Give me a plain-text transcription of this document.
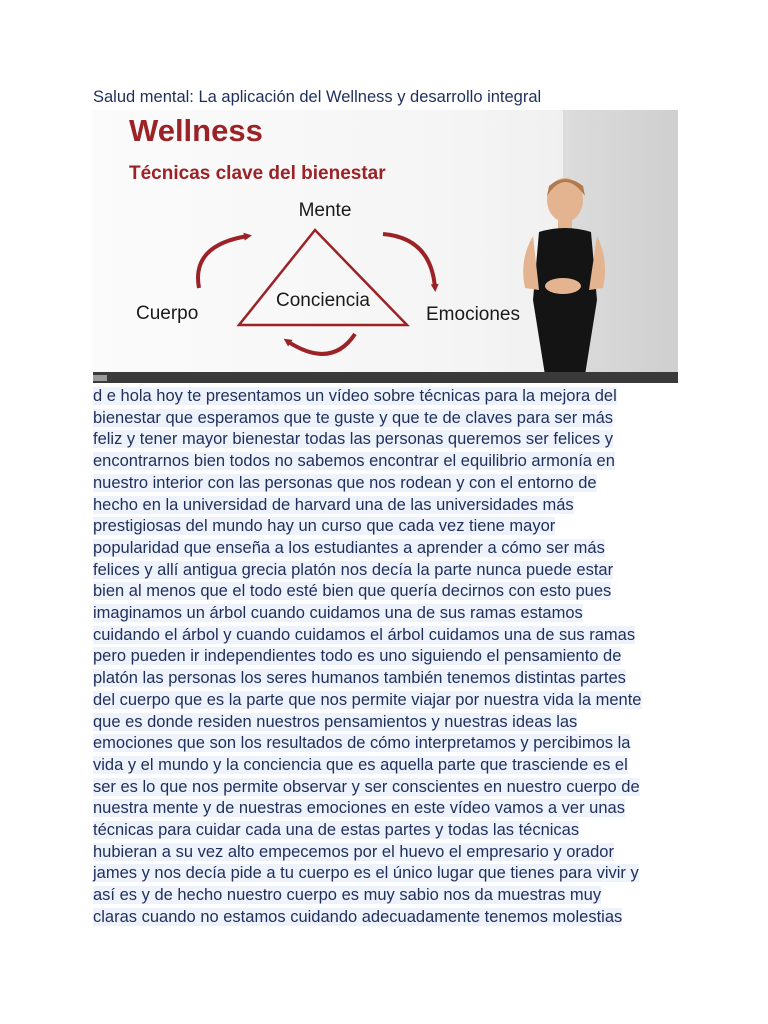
Salud mental: La aplicación del Wellness y desarrollo integral
Wellness
Técnicas clave del bienestar
Mente
Cuerpo
Conciencia
Emociones
d e hola hoy te presentamos un vídeo sobre técnicas para la mejora del
bienestar que esperamos que te guste y que te de claves para ser más
feliz y tener mayor bienestar todas las personas queremos ser felices y
encontrarnos bien todos no sabemos encontrar el equilibrio armonía en
nuestro interior con las personas que nos rodean y con el entorno de
hecho en la universidad de harvard una de las universidades más
prestigiosas del mundo hay un curso que cada vez tiene mayor
popularidad que enseña a los estudiantes a aprender a cómo ser más
felices y allí antigua grecia platón nos decía la parte nunca puede estar
bien al menos que el todo esté bien que quería decirnos con esto pues
imaginamos un árbol cuando cuidamos una de sus ramas estamos
cuidando el árbol y cuando cuidamos el árbol cuidamos una de sus ramas
pero pueden ir independientes todo es uno siguiendo el pensamiento de
platón las personas los seres humanos también tenemos distintas partes
del cuerpo que es la parte que nos permite viajar por nuestra vida la mente
que es donde residen nuestros pensamientos y nuestras ideas las
emociones que son los resultados de cómo interpretamos y percibimos la
vida y el mundo y la conciencia que es aquella parte que trasciende es el
ser es lo que nos permite observar y ser conscientes en nuestro cuerpo de
nuestra mente y de nuestras emociones en este vídeo vamos a ver unas
técnicas para cuidar cada una de estas partes y todas las técnicas
hubieran a su vez alto empecemos por el huevo el empresario y orador
james y nos decía pide a tu cuerpo es el único lugar que tienes para vivir y
así es y de hecho nuestro cuerpo es muy sabio nos da muestras muy
claras cuando no estamos cuidando adecuadamente tenemos molestias
